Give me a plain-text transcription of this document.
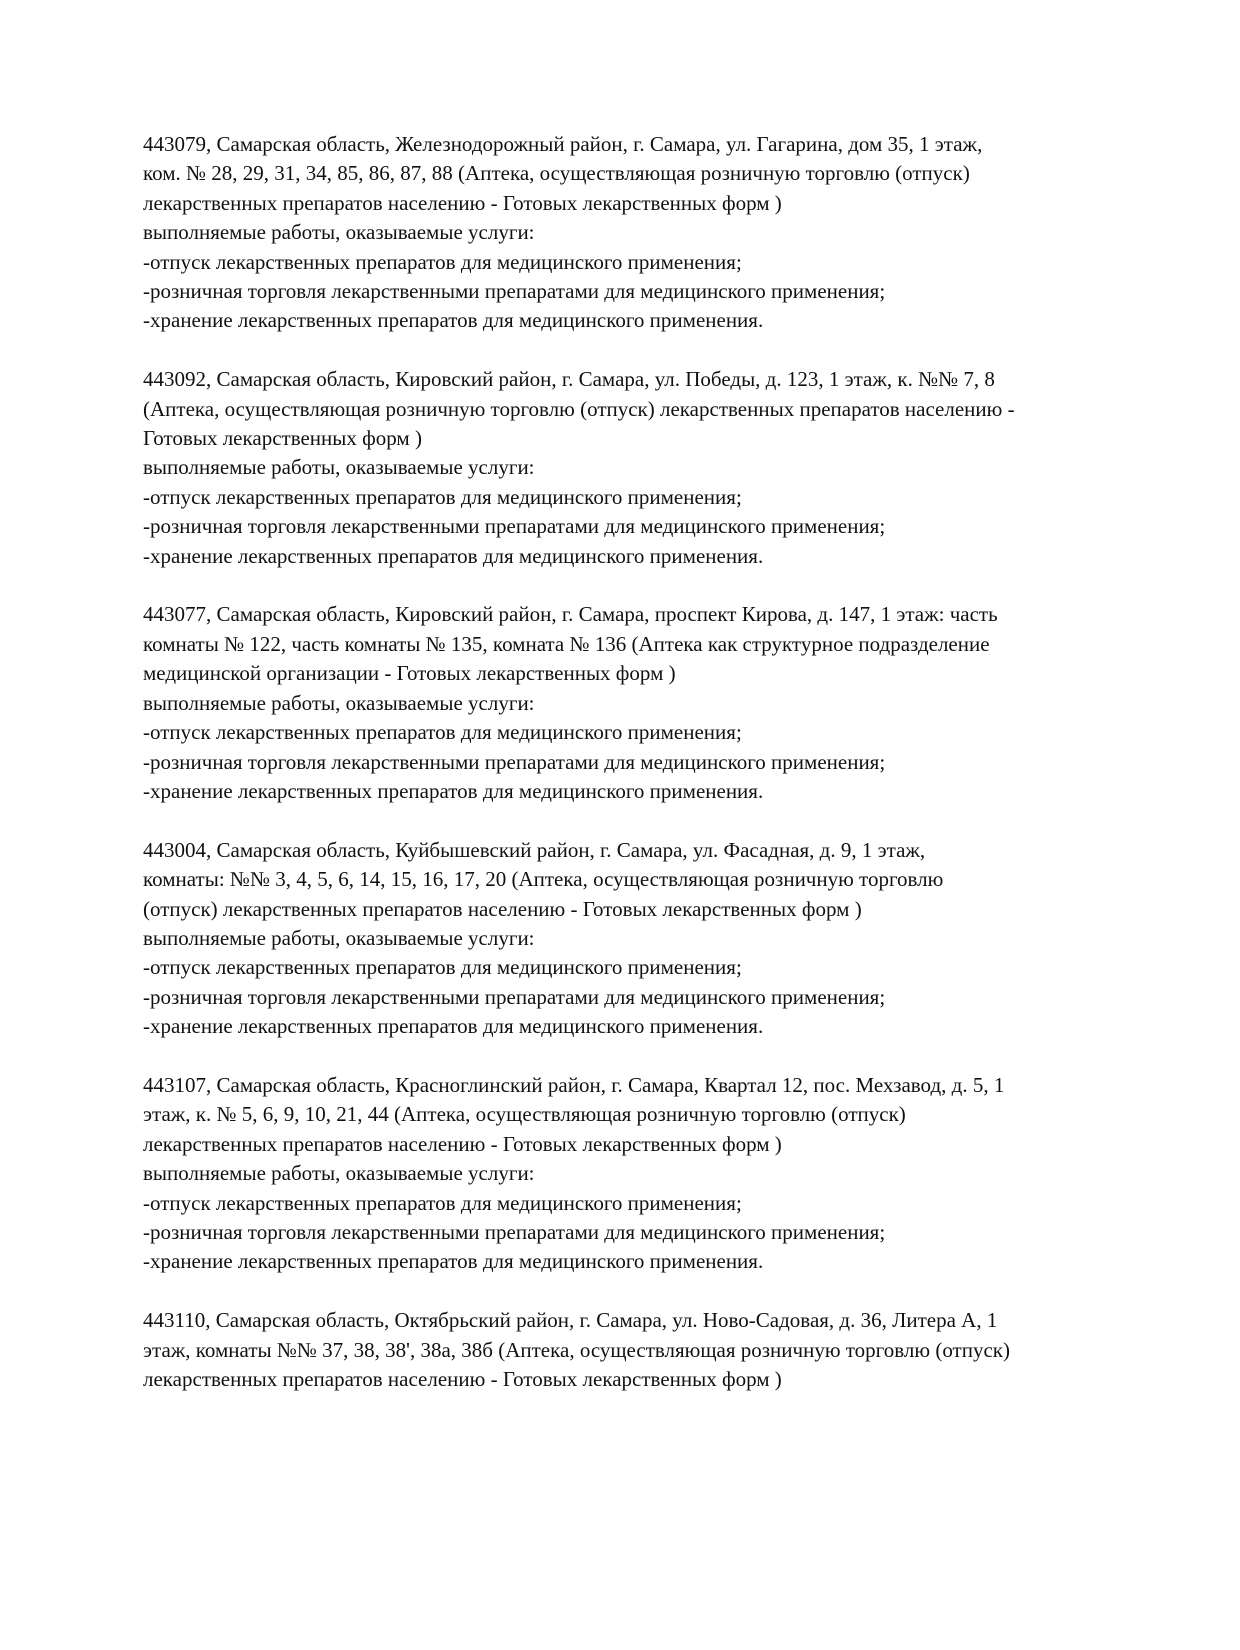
443079, Самарская область, Железнодорожный район, г. Самара, ул. Гагарина, дом 35, 1 этаж,
ком. № 28, 29, 31, 34, 85, 86, 87, 88 (Аптека, осуществляющая розничную торговлю (отпуск)
лекарственных препаратов населению - Готовых лекарственных форм )
выполняемые работы, оказываемые услуги:
-отпуск лекарственных препаратов для медицинского применения;
-розничная торговля лекарственными препаратами для медицинского применения;
-хранение лекарственных препаратов для медицинского применения.
443092, Самарская область, Кировский район, г. Самара, ул. Победы, д. 123, 1 этаж, к. №№ 7, 8
(Аптека, осуществляющая розничную торговлю (отпуск) лекарственных препаратов населению -
Готовых лекарственных форм )
выполняемые работы, оказываемые услуги:
-отпуск лекарственных препаратов для медицинского применения;
-розничная торговля лекарственными препаратами для медицинского применения;
-хранение лекарственных препаратов для медицинского применения.
443077, Самарская область, Кировский район, г. Самара, проспект Кирова, д. 147, 1 этаж: часть
комнаты № 122, часть комнаты № 135, комната № 136 (Аптека как структурное подразделение
медицинской организации - Готовых лекарственных форм )
выполняемые работы, оказываемые услуги:
-отпуск лекарственных препаратов для медицинского применения;
-розничная торговля лекарственными препаратами для медицинского применения;
-хранение лекарственных препаратов для медицинского применения.
443004, Самарская область, Куйбышевский район, г. Самара, ул. Фасадная, д. 9, 1 этаж,
комнаты: №№ 3, 4, 5, 6, 14, 15, 16, 17, 20 (Аптека, осуществляющая розничную торговлю
(отпуск) лекарственных препаратов населению - Готовых лекарственных форм )
выполняемые работы, оказываемые услуги:
-отпуск лекарственных препаратов для медицинского применения;
-розничная торговля лекарственными препаратами для медицинского применения;
-хранение лекарственных препаратов для медицинского применения.
443107, Самарская область, Красноглинский район, г. Самара, Квартал 12, пос. Мехзавод, д. 5, 1
этаж, к. № 5, 6, 9, 10, 21, 44 (Аптека, осуществляющая розничную торговлю (отпуск)
лекарственных препаратов населению - Готовых лекарственных форм )
выполняемые работы, оказываемые услуги:
-отпуск лекарственных препаратов для медицинского применения;
-розничная торговля лекарственными препаратами для медицинского применения;
-хранение лекарственных препаратов для медицинского применения.
443110, Самарская область, Октябрьский район, г. Самара, ул. Ново-Садовая, д. 36, Литера А, 1
этаж, комнаты №№ 37, 38, 38', 38а, 38б (Аптека, осуществляющая розничную торговлю (отпуск)
лекарственных препаратов населению - Готовых лекарственных форм )
